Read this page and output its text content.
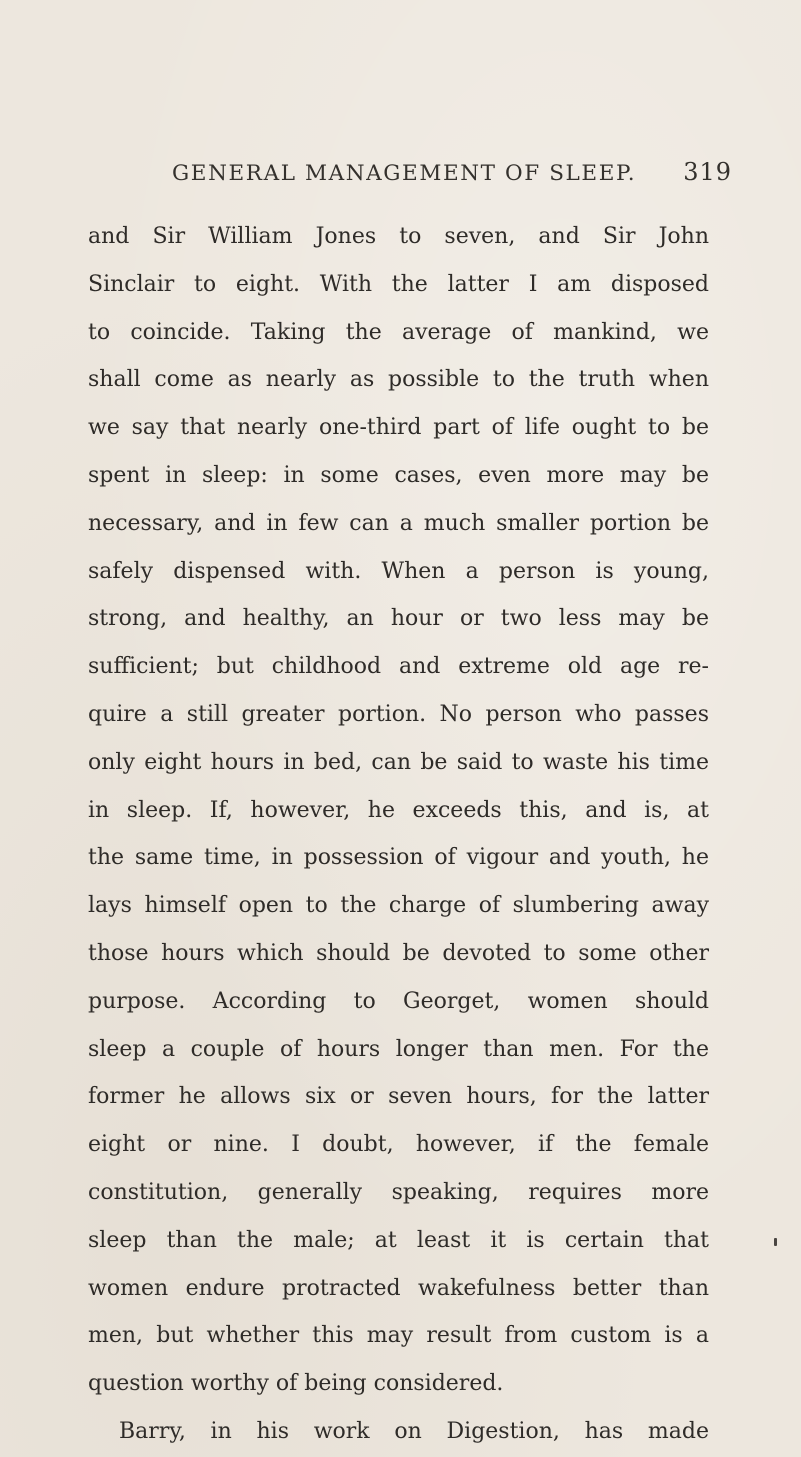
GENERAL MANAGEMENT OF SLEEP. 319
and Sir William Jones to seven, and Sir John
Sinclair to eight. With the latter I am disposed
to coincide. Taking the average of mankind, we
shall come as nearly as possible to the truth when
we say that nearly one-third part of life ought to be
spent in sleep: in some cases, even more may be
necessary, and in few can a much smaller portion be
safely dispensed with. When a person is young,
strong, and healthy, an hour or two less may be
sufficient; but childhood and extreme old age re-
quire a still greater portion. No person who passes
only eight hours in bed, can be said to waste his time
in sleep. If, however, he exceeds this, and is, at
the same time, in possession of vigour and youth, he
lays himself open to the charge of slumbering away
those hours which should be devoted to some other
purpose. According to Georget, women should
sleep a couple of hours longer than men. For the
former he allows six or seven hours, for the latter
eight or nine. I doubt, however, if the female
constitution, generally speaking, requires more
sleep than the male; at least it is certain that
women endure protracted wakefulness better than
men, but whether this may result from custom is a
question worthy of being considered.
Barry, in his work on Digestion, has made
